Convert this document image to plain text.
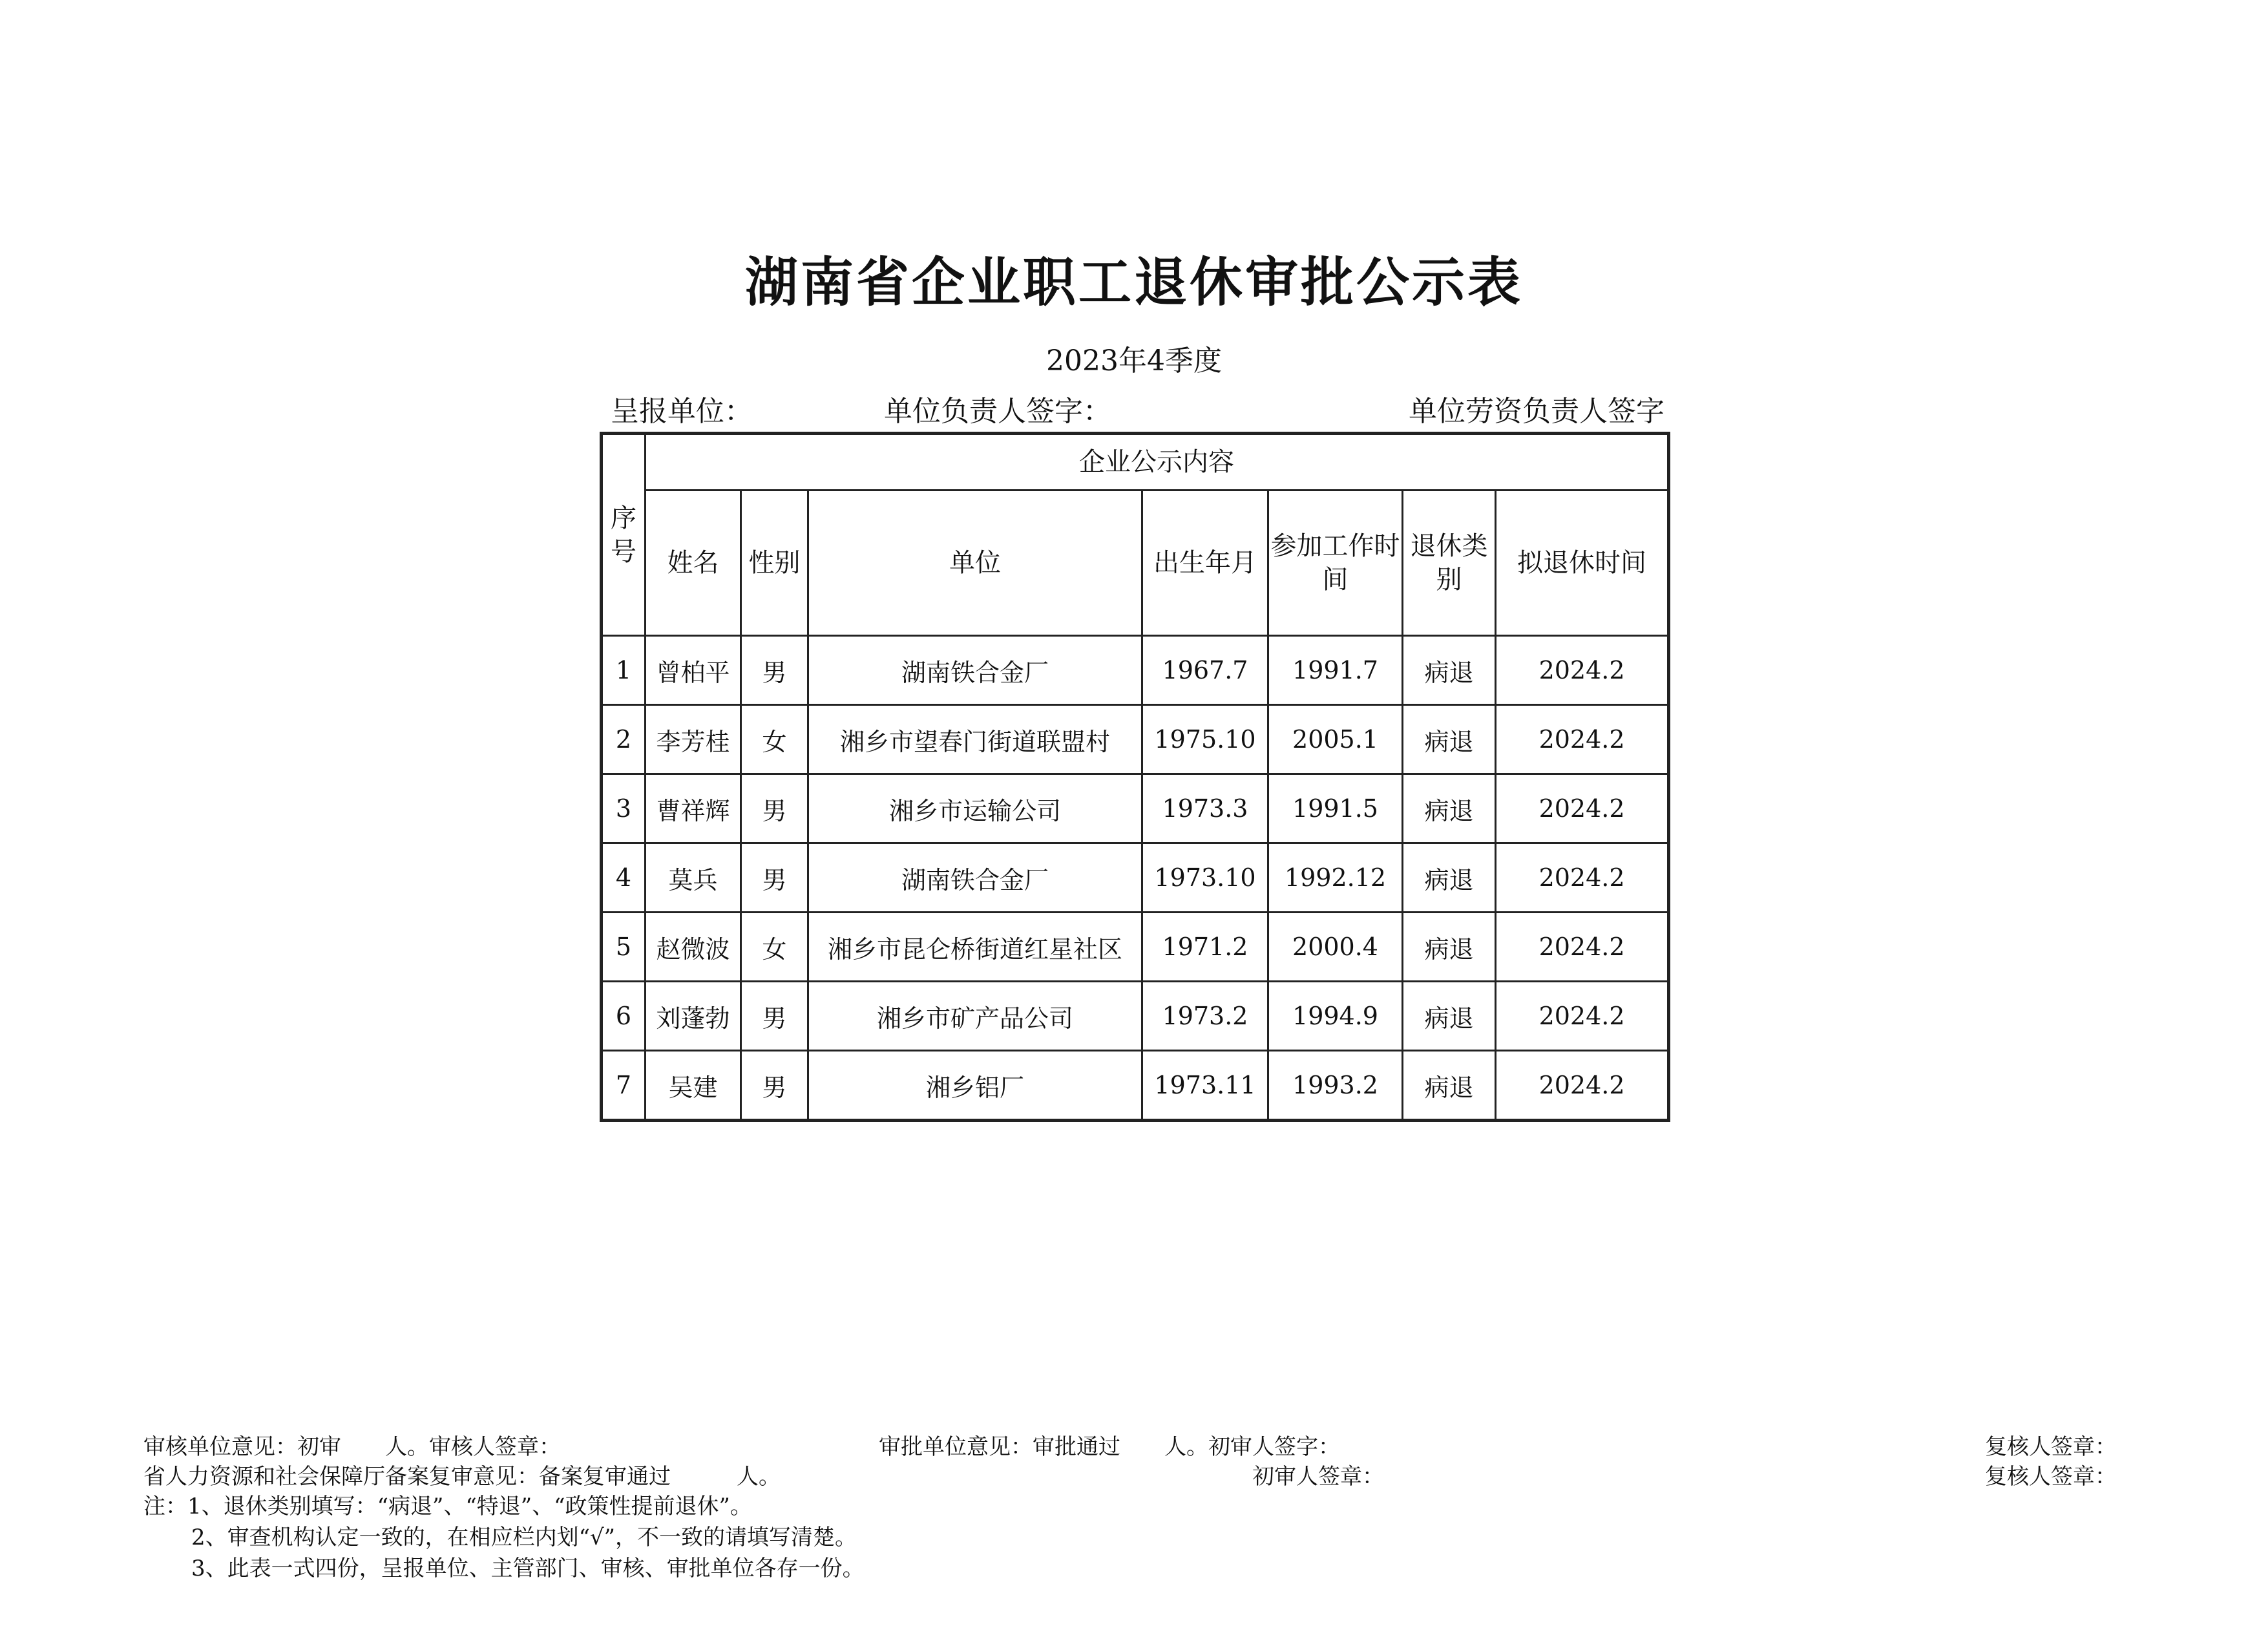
湖南省企业职工退休审批公示表
2023年4季度
呈报单位：	单位负责人签字：	单位劳资负责人签字
序号	企业公示内容						
	姓名	性别	单位	出生年月	参加工作时间	退休类别	拟退休时间
1	曾柏平	男	湖南铁合金厂	1967.7	1991.7	病退	2024.2
2	李芳桂	女	湘乡市望春门街道联盟村	1975.10	2005.1	病退	2024.2
3	曹祥辉	男	湘乡市运输公司	1973.3	1991.5	病退	2024.2
4	莫兵	男	湖南铁合金厂	1973.10	1992.12	病退	2024.2
5	赵微波	女	湘乡市昆仑桥街道红星社区	1971.2	2000.4	病退	2024.2
6	刘蓬勃	男	湘乡市矿产品公司	1973.2	1994.9	病退	2024.2
7	吴建	男	湘乡铝厂	1973.11	1993.2	病退	2024.2
审核单位意见：初审　　人。审核人签章：	审批单位意见：审批通过　　人。初审人签字：	复核人签章：
省人力资源和社会保障厅备案复审意见：备案复审通过　　　人。	初审人签章：	复核人签章：
注：1、退休类别填写：“病退”、“特退”、“政策性提前退休”。
2、审查机构认定一致的，在相应栏内划“√”，不一致的请填写清楚。
3、此表一式四份，呈报单位、主管部门、审核、审批单位各存一份。
